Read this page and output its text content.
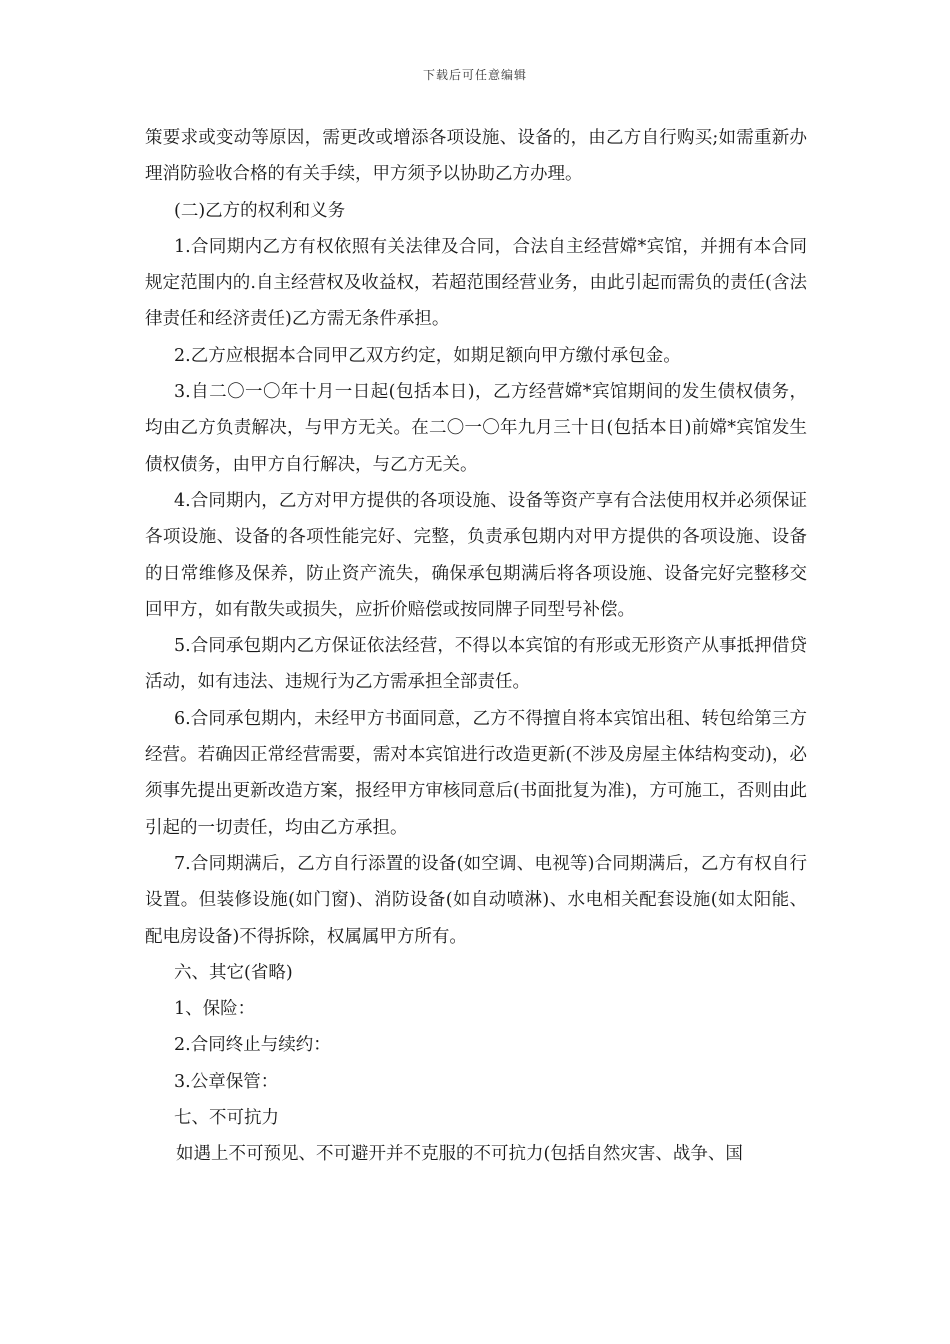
下载后可任意编辑

策要求或变动等原因，需更改或增添各项设施、设备的，由乙方自行购买;如需重新办理消防验收合格的有关手续，甲方须予以协助乙方办理。

(二)乙方的权利和义务

1.合同期内乙方有权依照有关法律及合同，合法自主经营嫦*宾馆，并拥有本合同规定范围内的.自主经营权及收益权，若超范围经营业务，由此引起而需负的责任(含法律责任和经济责任)乙方需无条件承担。

2.乙方应根据本合同甲乙双方约定，如期足额向甲方缴付承包金。

3.自二〇一〇年十月一日起(包括本日)，乙方经营嫦*宾馆期间的发生债权债务，均由乙方负责解决，与甲方无关。在二〇一〇年九月三十日(包括本日)前嫦*宾馆发生债权债务，由甲方自行解决，与乙方无关。

4.合同期内，乙方对甲方提供的各项设施、设备等资产享有合法使用权并必须保证各项设施、设备的各项性能完好、完整，负责承包期内对甲方提供的各项设施、设备的日常维修及保养，防止资产流失，确保承包期满后将各项设施、设备完好完整移交回甲方，如有散失或损失，应折价赔偿或按同牌子同型号补偿。

5.合同承包期内乙方保证依法经营，不得以本宾馆的有形或无形资产从事抵押借贷活动，如有违法、违规行为乙方需承担全部责任。

6.合同承包期内，未经甲方书面同意，乙方不得擅自将本宾馆出租、转包给第三方经营。若确因正常经营需要，需对本宾馆进行改造更新(不涉及房屋主体结构变动)，必须事先提出更新改造方案，报经甲方审核同意后(书面批复为准)，方可施工，否则由此引起的一切责任，均由乙方承担。

7.合同期满后，乙方自行添置的设备(如空调、电视等)合同期满后，乙方有权自行设置。但装修设施(如门窗)、消防设备(如自动喷淋)、水电相关配套设施(如太阳能、配电房设备)不得拆除，权属属甲方所有。

六、其它(省略)

1、保险：

2.合同终止与续约：

3.公章保管：

七、不可抗力

如遇上不可预见、不可避开并不克服的不可抗力(包括自然灾害、战争、国
